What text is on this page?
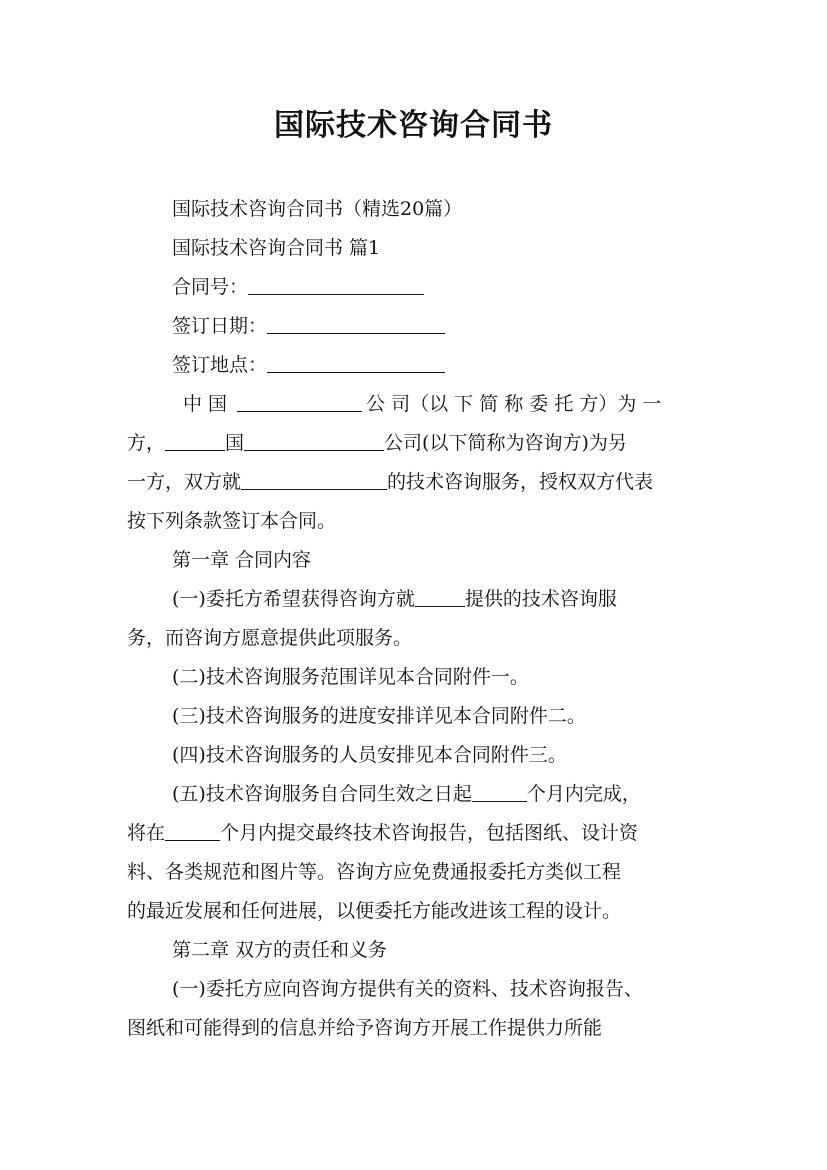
国际技术咨询合同书
国际技术咨询合同书（精选20篇）
国际技术咨询合同书 篇1
合同号：
签订日期：
签订地点：
中 国	公 司（以 下 简 称 委 托 方）为 一
方，	国	公司(以下简称为咨询方)为另
一方，双方就	的技术咨询服务，授权双方代表
按下列条款签订本合同。
第一章 合同内容
(一)委托方希望获得咨询方就	提供的技术咨询服
务，而咨询方愿意提供此项服务。
(二)技术咨询服务范围详见本合同附件一。
(三)技术咨询服务的进度安排详见本合同附件二。
(四)技术咨询服务的人员安排见本合同附件三。
(五)技术咨询服务自合同生效之日起	个月内完成，
将在	个月内提交最终技术咨询报告，包括图纸、设计资
料、各类规范和图片等。咨询方应免费通报委托方类似工程
的最近发展和任何进展，以便委托方能改进该工程的设计。
第二章 双方的责任和义务
(一)委托方应向咨询方提供有关的资料、技术咨询报告、
图纸和可能得到的信息并给予咨询方开展工作提供力所能
